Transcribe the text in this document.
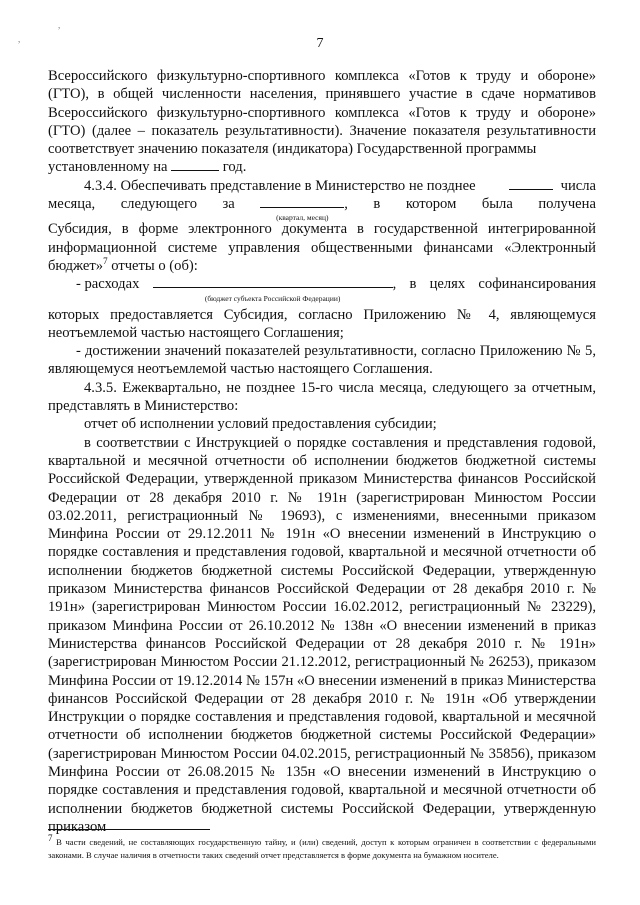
,
,	7

Всероссийского физкультурно-спортивного комплекса «Готов к труду и обороне» (ГТО), в общей численности населения, принявшего участие в сдаче нормативов Всероссийского физкультурно-спортивного комплекса «Готов к труду и обороне» (ГТО) (далее – показатель результативности). Значение показателя результативности соответствует значению показателя (индикатора) Государственной программы

установленному на	год.

4.3.4. Обеспечивать представление в Министерство не позднее	числа
месяца, следующего за
(квартал, месяц)
, в котором была получена

Субсидия, в форме электронного документа в государственной интегрированной информационной системе управления общественными финансами «Электронный бюджет»$^7$ отчеты о (об):

- расходах
(бюджет субъекта Российской Федерации)
, в целях софинансирования

которых предоставляется Субсидия, согласно Приложению № 4, являющемуся неотъемлемой частью настоящего Соглашения;

- достижении значений показателей результативности, согласно Приложению № 5, являющемуся неотъемлемой частью настоящего Соглашения.

4.3.5. Ежеквартально, не позднее 15-го числа месяца, следующего за отчетным, представлять в Министерство:

отчет об исполнении условий предоставления субсидии;

в соответствии с Инструкцией о порядке составления и представления годовой, квартальной и месячной отчетности об исполнении бюджетов бюджетной системы Российской Федерации, утвержденной приказом Министерства финансов Российской Федерации от 28 декабря 2010 г. № 191н (зарегистрирован Минюстом России 03.02.2011, регистрационный № 19693), с изменениями, внесенными приказом Минфина России от 29.12.2011 № 191н «О внесении изменений в Инструкцию о порядке составления и представления годовой, квартальной и месячной отчетности об исполнении бюджетов бюджетной системы Российской Федерации, утвержденную приказом Министерства финансов Российской Федерации от 28 декабря 2010 г. № 191н» (зарегистрирован Минюстом России 16.02.2012, регистрационный № 23229), приказом Минфина России от 26.10.2012 № 138н «О внесении изменений в приказ Министерства финансов Российской Федерации от 28 декабря 2010 г. № 191н» (зарегистрирован Минюстом России 21.12.2012, регистрационный № 26253), приказом Минфина России от 19.12.2014 № 157н «О внесении изменений в приказ Министерства финансов Российской Федерации от 28 декабря 2010 г. № 191н «Об утверждении Инструкции о порядке составления и представления годовой, квартальной и месячной отчетности об исполнении бюджетов бюджетной системы Российской Федерации» (зарегистрирован Минюстом России 04.02.2015, регистрационный № 35856), приказом Минфина России от 26.08.2015 № 135н «О внесении изменений в Инструкцию о порядке составления и представления годовой, квартальной и месячной отчетности об исполнении бюджетов бюджетной системы Российской Федерации, утвержденную приказом

$^7$ В части сведений, не составляющих государственную тайну, и (или) сведений, доступ к которым ограничен в соответствии с федеральными законами. В случае наличия в отчетности таких сведений отчет представляется в форме документа на бумажном носителе.
